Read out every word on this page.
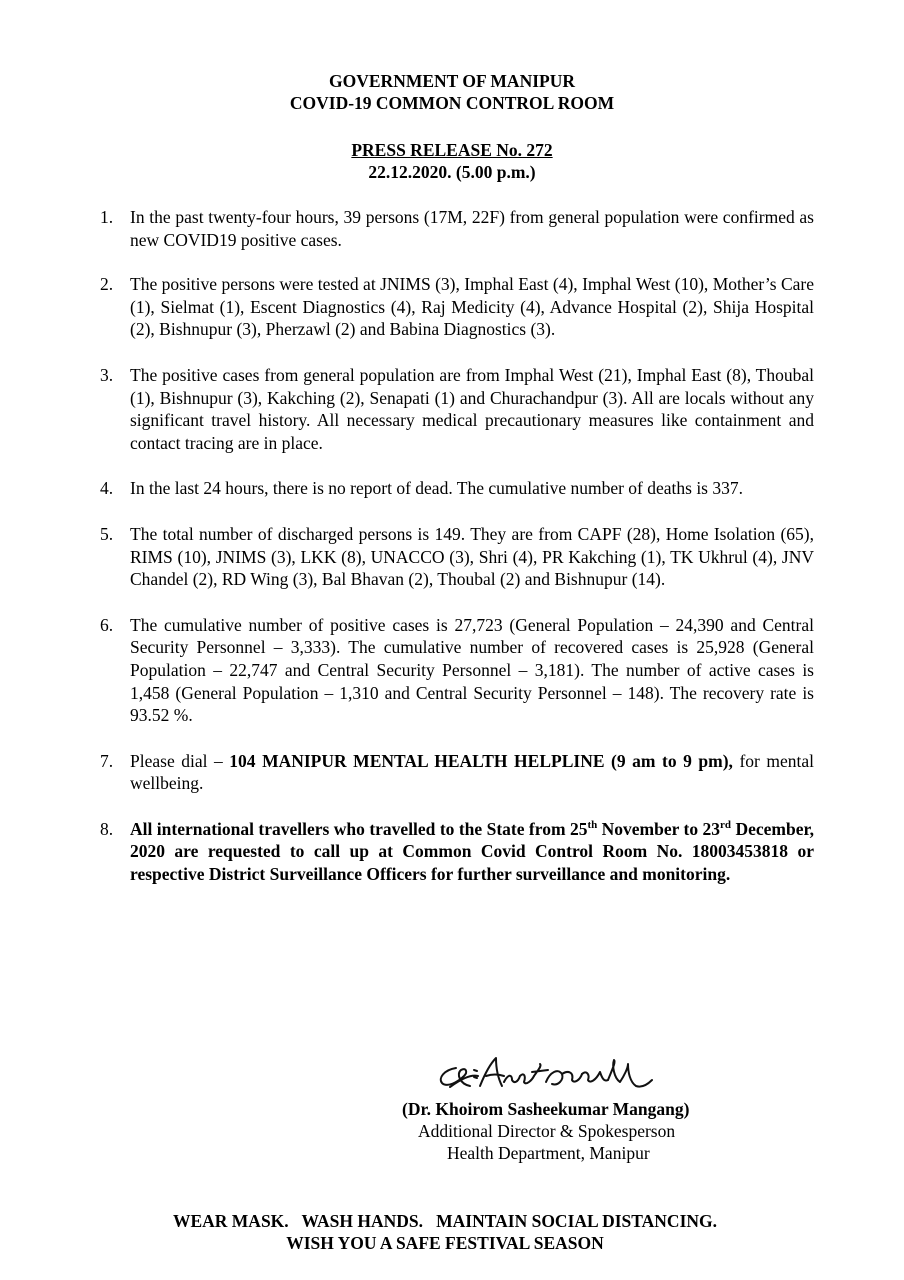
GOVERNMENT OF MANIPUR
COVID-19 COMMON CONTROL ROOM
PRESS RELEASE No. 272
22.12.2020. (5.00 p.m.)
1. In the past twenty-four hours, 39 persons (17M, 22F) from general population were confirmed as new COVID19 positive cases.
2. The positive persons were tested at JNIMS (3), Imphal East (4), Imphal West (10), Mother’s Care (1), Sielmat (1), Escent Diagnostics (4), Raj Medicity (4), Advance Hospital (2), Shija Hospital (2), Bishnupur (3), Pherzawl (2) and Babina Diagnostics (3).
3. The positive cases from general population are from Imphal West (21), Imphal East (8), Thoubal (1), Bishnupur (3), Kakching (2), Senapati (1) and Churachandpur (3). All are locals without any significant travel history. All necessary medical precautionary measures like containment and contact tracing are in place.
4. In the last 24 hours, there is no report of dead. The cumulative number of deaths is 337.
5. The total number of discharged persons is 149. They are from CAPF (28), Home Isolation (65), RIMS (10), JNIMS (3), LKK (8), UNACCO (3), Shri (4), PR Kakching (1), TK Ukhrul (4), JNV Chandel (2), RD Wing (3), Bal Bhavan (2), Thoubal (2) and Bishnupur (14).
6. The cumulative number of positive cases is 27,723 (General Population – 24,390 and Central Security Personnel – 3,333). The cumulative number of recovered cases is 25,928 (General Population – 22,747 and Central Security Personnel – 3,181). The number of active cases is 1,458 (General Population – 1,310 and Central Security Personnel – 148). The recovery rate is 93.52 %.
7. Please dial – 104 MANIPUR MENTAL HEALTH HELPLINE (9 am to 9 pm), for mental wellbeing.
8. All international travellers who travelled to the State from 25th November to 23rd December, 2020 are requested to call up at Common Covid Control Room No. 18003453818 or respective District Surveillance Officers for further surveillance and monitoring.
(Dr. Khoirom Sasheekumar Mangang)
Additional Director & Spokesperson
Health Department, Manipur
WEAR MASK.   WASH HANDS.   MAINTAIN SOCIAL DISTANCING.
WISH YOU A SAFE FESTIVAL SEASON
